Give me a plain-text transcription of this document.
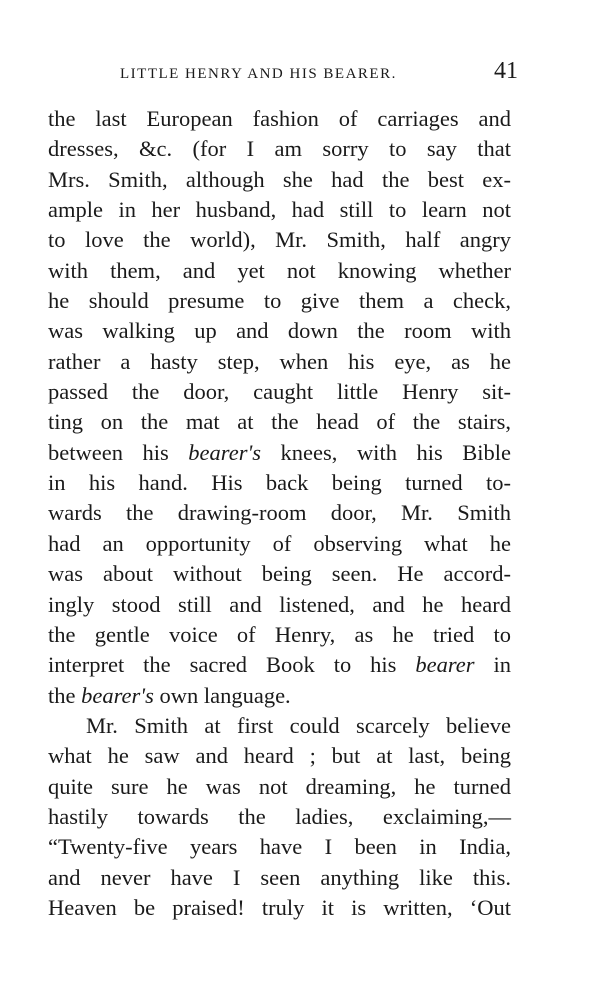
LITTLE HENRY AND HIS BEARER.	41
the last European fashion of carriages and
dresses, &c. (for I am sorry to say that
Mrs. Smith, although she had the best ex-
ample in her husband, had still to learn not
to love the world), Mr. Smith, half angry
with them, and yet not knowing whether
he should presume to give them a check,
was walking up and down the room with
rather a hasty step, when his eye, as he
passed the door, caught little Henry sit-
ting on the mat at the head of the stairs,
between his bearer's knees, with his Bible
in his hand. His back being turned to-
wards the drawing-room door, Mr. Smith
had an opportunity of observing what he
was about without being seen. He accord-
ingly stood still and listened, and he heard
the gentle voice of Henry, as he tried to
interpret the sacred Book to his bearer in
the bearer's own language.
Mr. Smith at first could scarcely believe
what he saw and heard ; but at last, being
quite sure he was not dreaming, he turned
hastily towards the ladies, exclaiming,—
“Twenty-five years have I been in India,
and never have I seen anything like this.
Heaven be praised! truly it is written, ‘Out
